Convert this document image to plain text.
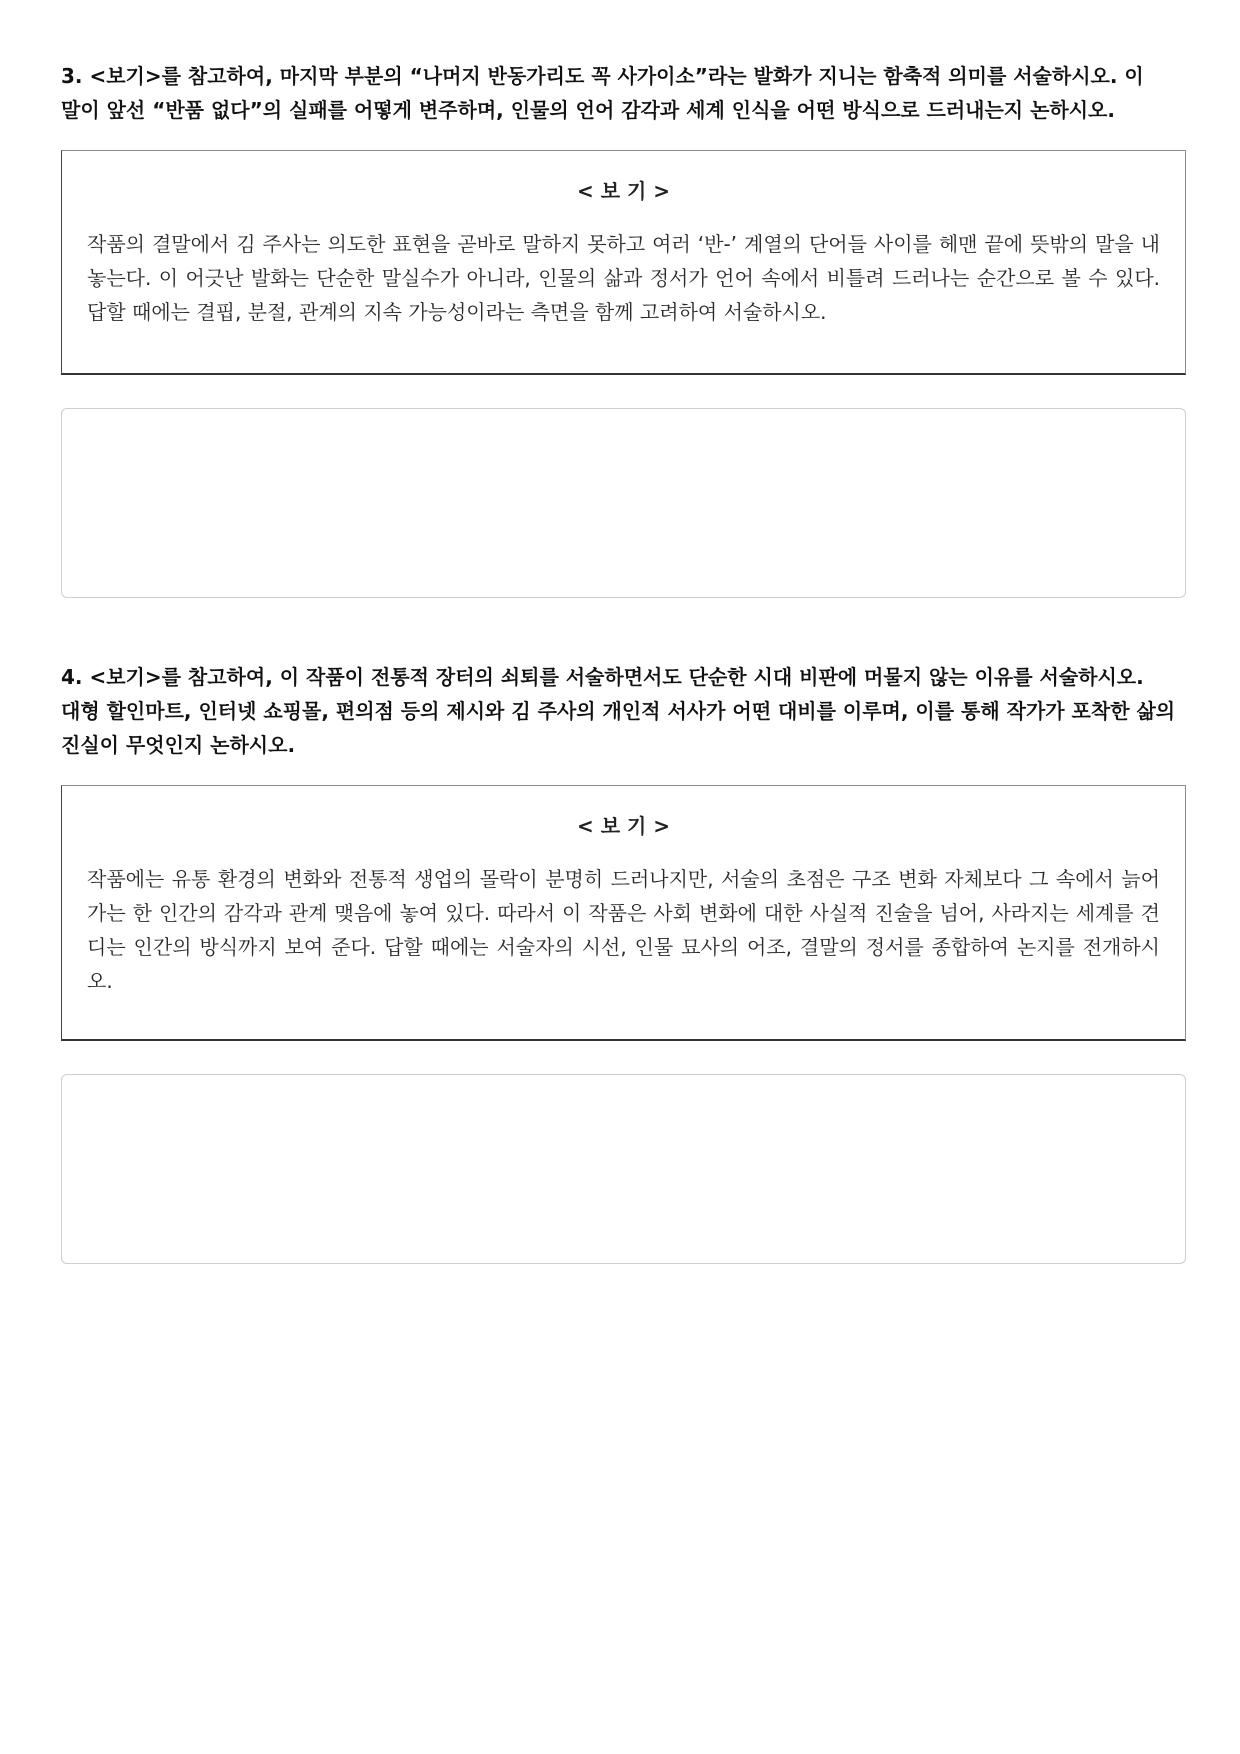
3. <보기>를 참고하여, 마지막 부분의 “나머지 반동가리도 꼭 사가이소”라는 발화가 지니는 함축적 의미를 서술하시오. 이 말이 앞선 “반품 없다”의 실패를 어떻게 변주하며, 인물의 언어 감각과 세계 인식을 어떤 방식으로 드러내는지 논하시오.

< 보 기 >

작품의 결말에서 김 주사는 의도한 표현을 곧바로 말하지 못하고 여러 ‘반-’ 계열의 단어들 사이를 헤맨 끝에 뜻밖의 말을 내놓는다. 이 어긋난 발화는 단순한 말실수가 아니라, 인물의 삶과 정서가 언어 속에서 비틀려 드러나는 순간으로 볼 수 있다. 답할 때에는 결핍, 분절, 관계의 지속 가능성이라는 측면을 함께 고려하여 서술하시오.

4. <보기>를 참고하여, 이 작품이 전통적 장터의 쇠퇴를 서술하면서도 단순한 시대 비판에 머물지 않는 이유를 서술하시오. 대형 할인마트, 인터넷 쇼핑몰, 편의점 등의 제시와 김 주사의 개인적 서사가 어떤 대비를 이루며, 이를 통해 작가가 포착한 삶의 진실이 무엇인지 논하시오.

< 보 기 >

작품에는 유통 환경의 변화와 전통적 생업의 몰락이 분명히 드러나지만, 서술의 초점은 구조 변화 자체보다 그 속에서 늙어 가는 한 인간의 감각과 관계 맺음에 놓여 있다. 따라서 이 작품은 사회 변화에 대한 사실적 진술을 넘어, 사라지는 세계를 견디는 인간의 방식까지 보여 준다. 답할 때에는 서술자의 시선, 인물 묘사의 어조, 결말의 정서를 종합하여 논지를 전개하시오.
